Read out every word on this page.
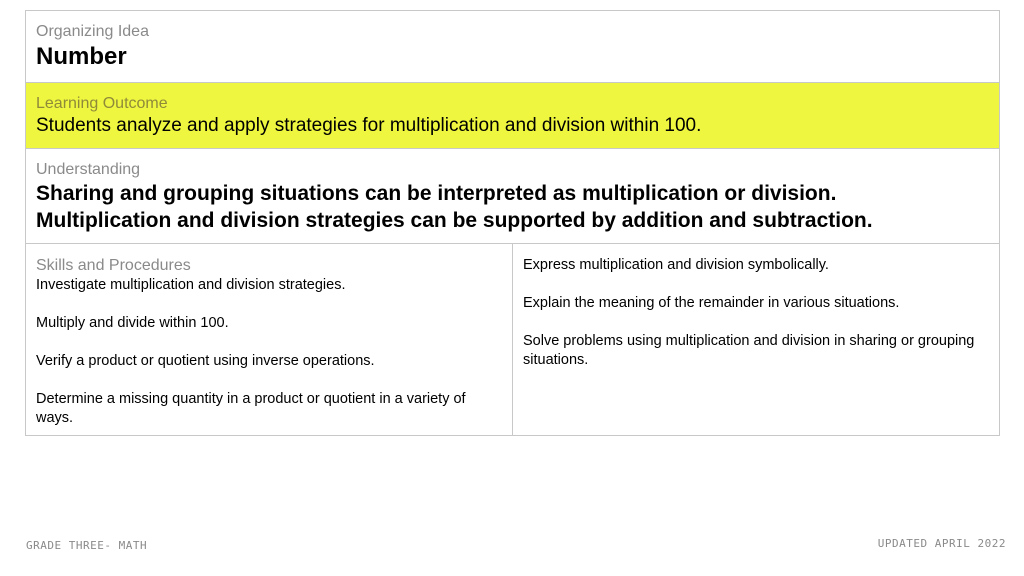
Organizing Idea
Number
Learning Outcome
Students analyze and apply strategies for multiplication and division within 100.
Understanding
Sharing and grouping situations can be interpreted as multiplication or division.
Multiplication and division strategies can be supported by addition and subtraction.
Skills and Procedures
Investigate multiplication and division strategies.
Multiply and divide within 100.
Verify a product or quotient using inverse operations.
Determine a missing quantity in a product or quotient in a variety of ways.
Express multiplication and division symbolically.
Explain the meaning of the remainder in various situations.
Solve problems using multiplication and division in sharing or grouping situations.
GRADE THREE- MATH	UPDATED APRIL 2022
